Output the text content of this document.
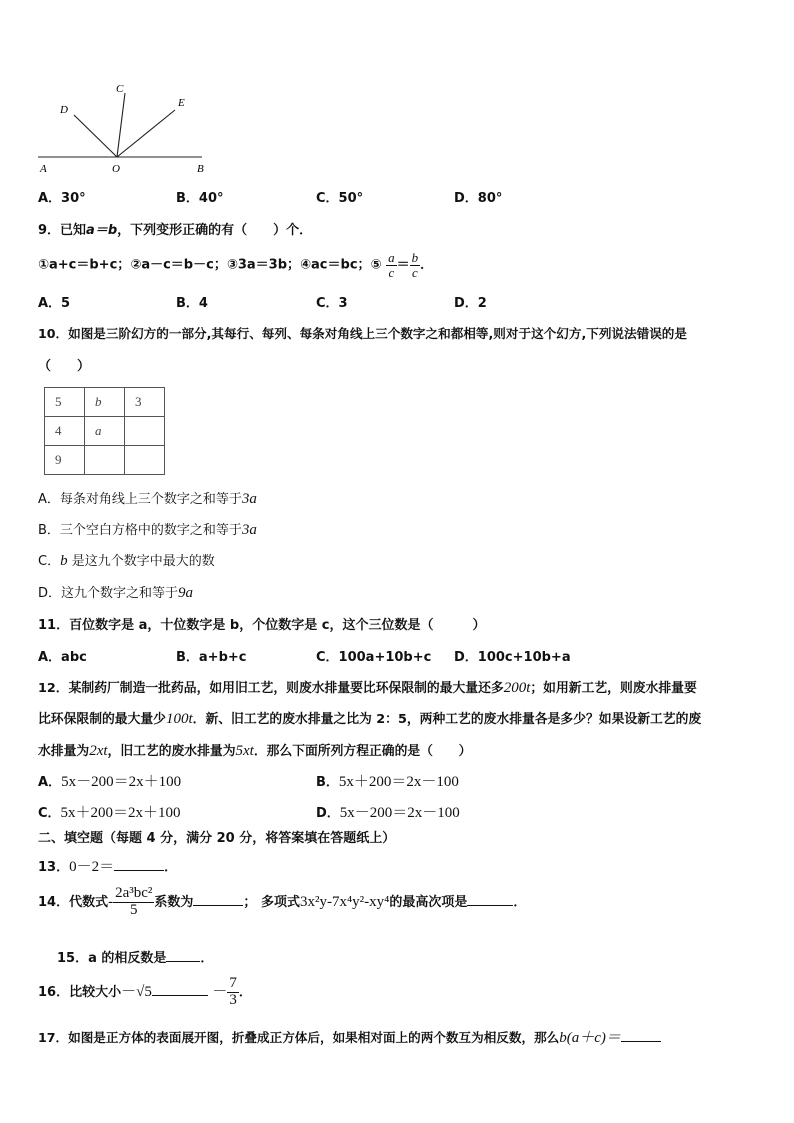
C
D
E
A	O	B
A．30°	B．40°	C．50°	D．80°
9．已知a＝b，下列变形正确的有（　　）个．
①a+c＝b+c；②a－c＝b－c；③3a＝3b；④ac＝bc；⑤ $\frac{a}{c} = \frac{b}{c}$ ．
A．5	B．4	C．3	D．2
10．如图是三阶幻方的一部分,其每行、每列、每条对角线上三个数字之和都相等,则对于这个幻方,下列说法错误的是
（　　）
5	b	3
4	a	
9		
A．每条对角线上三个数字之和等于3a
B．三个空白方格中的数字之和等于3a
C．b 是这九个数字中最大的数
D．这九个数字之和等于9a
11．百位数字是 a，十位数字是 b，个位数字是 c，这个三位数是（　　　）
A．abc	B．a+b+c	C．100a+10b+c D．100c+10b+a
12．某制药厂制造一批药品，如用旧工艺，则废水排量要比环保限制的最大量还多200t；如用新工艺，则废水排量要
比环保限制的最大量少100t．新、旧工艺的废水排量之比为 2：5，两种工艺的废水排量各是多少？如果设新工艺的废
水排量为2xt，旧工艺的废水排量为5xt．那么下面所列方程正确的是（　　）
A．5x－200＝2x＋100	B．5x＋200＝2x－100
C．5x＋200＝2x＋100	D．5x－200＝2x－100
二、填空题（每题 4 分，满分 20 分，将答案填在答题纸上）
13．0－2＝	．
14．代数式- $\frac{\text{2a³bc²}}{5}$ 系数为	； 多项式3x²y-7x⁴y²-xy⁴的最高次项是	．
15．a 的相反数是	．
16．比较大小－√5	－ $\frac{7}{3}$ ．
17．如图是正方体的表面展开图，折叠成正方体后，如果相对面上的两个数互为相反数，那么b(a＋c)＝
